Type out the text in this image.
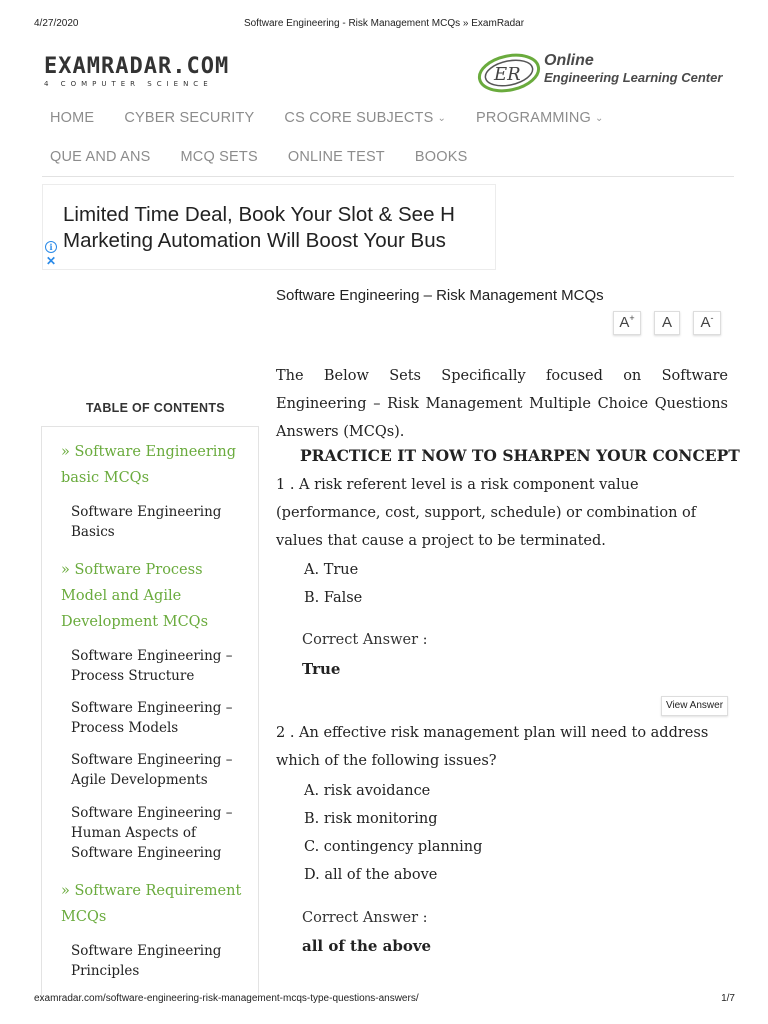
4/27/2020	Software Engineering - Risk Management MCQs » ExamRadar
EXAMRADAR.COM
4 COMPUTER SCIENCE	ER
Online
Engineering Learning Center
HOME CYBER SECURITY CS CORE SUBJECTS ⌄ PROGRAMMING ⌄
QUE AND ANS MCQ SETS ONLINE TEST BOOKS
Limited Time Deal, Book Your Slot & See H
Marketing Automation Will Boost Your Bus
i
✕
TABLE OF CONTENTS
» Software Engineering
basic MCQs
Software Engineering
Basics
» Software Process
Model and Agile
Development MCQs
Software Engineering –
Process Structure
Software Engineering –
Process Models
Software Engineering –
Agile Developments
Software Engineering –
Human Aspects of
Software Engineering
» Software Requirement
MCQs
Software Engineering
Principles
Software Engineering – Risk Management MCQs
A+ A A-

The Below Sets Specifically focused on Software Engineering – Risk Management Multiple Choice Questions Answers (MCQs).

PRACTICE IT NOW TO SHARPEN YOUR CONCEPT

1 . A risk referent level is a risk component value (performance, cost, support, schedule) or combination of values that cause a project to be terminated.

A. True
B. False
Correct Answer :
True
View Answer

2 . An effective risk management plan will need to address which of the following issues?

A. risk avoidance
B. risk monitoring
C. contingency planning
D. all of the above
Correct Answer :
all of the above
examradar.com/software-engineering-risk-management-mcqs-type-questions-answers/	1/7
